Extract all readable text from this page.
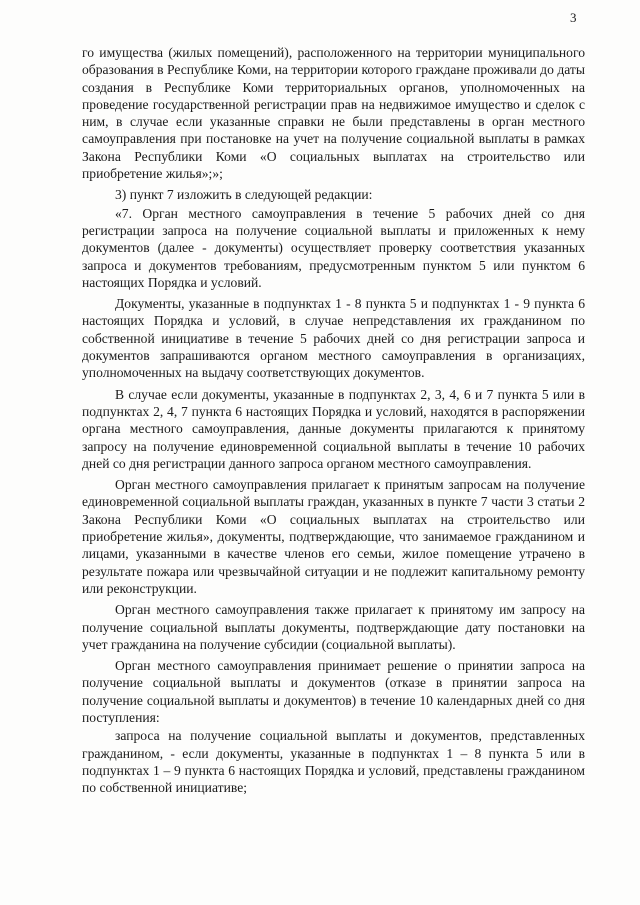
3

го имущества (жилых помещений), расположенного на территории муниципального образования в Республике Коми, на территории которого граждане проживали до даты создания в Республике Коми территориальных органов, уполномоченных на проведение государственной регистрации прав на недвижимое имущество и сделок с ним, в случае если указанные справки не были представлены в орган местного самоуправления при постановке на учет на получение социальной выплаты в рамках Закона Республики Коми «О социальных выплатах на строительство или приобретение жилья»;»;

3) пункт 7 изложить в следующей редакции:

«7. Орган местного самоуправления в течение 5 рабочих дней со дня регистрации запроса на получение социальной выплаты и приложенных к нему документов (далее - документы) осуществляет проверку соответствия указанных запроса и документов требованиям, предусмотренным пунктом 5 или пунктом 6 настоящих Порядка и условий.

Документы, указанные в подпунктах 1 - 8 пункта 5 и подпунктах 1 - 9 пункта 6 настоящих Порядка и условий, в случае непредставления их гражданином по собственной инициативе в течение 5 рабочих дней со дня регистрации запроса и документов запрашиваются органом местного самоуправления в организациях, уполномоченных на выдачу соответствующих документов.

В случае если документы, указанные в подпунктах 2, 3, 4, 6 и 7 пункта 5 или в подпунктах 2, 4, 7 пункта 6 настоящих Порядка и условий, находятся в распоряжении органа местного самоуправления, данные документы прилагаются к принятому запросу на получение единовременной социальной выплаты в течение 10 рабочих дней со дня регистрации данного запроса органом местного самоуправления.

Орган местного самоуправления прилагает к принятым запросам на получение единовременной социальной выплаты граждан, указанных в пункте 7 части 3 статьи 2 Закона Республики Коми «О социальных выплатах на строительство или приобретение жилья», документы, подтверждающие, что занимаемое гражданином и лицами, указанными в качестве членов его семьи, жилое помещение утрачено в результате пожара или чрезвычайной ситуации и не подлежит капитальному ремонту или реконструкции.

Орган местного самоуправления также прилагает к принятому им запросу на получение социальной выплаты документы, подтверждающие дату постановки на учет гражданина на получение субсидии (социальной выплаты).

Орган местного самоуправления принимает решение о принятии запроса на получение социальной выплаты и документов (отказе в принятии запроса на получение социальной выплаты и документов) в течение 10 календарных дней со дня поступления:

запроса на получение социальной выплаты и документов, представленных гражданином, - если документы, указанные в подпунктах 1 – 8 пункта 5 или в подпунктах 1 – 9 пункта 6 настоящих Порядка и условий, представлены гражданином по собственной инициативе;
